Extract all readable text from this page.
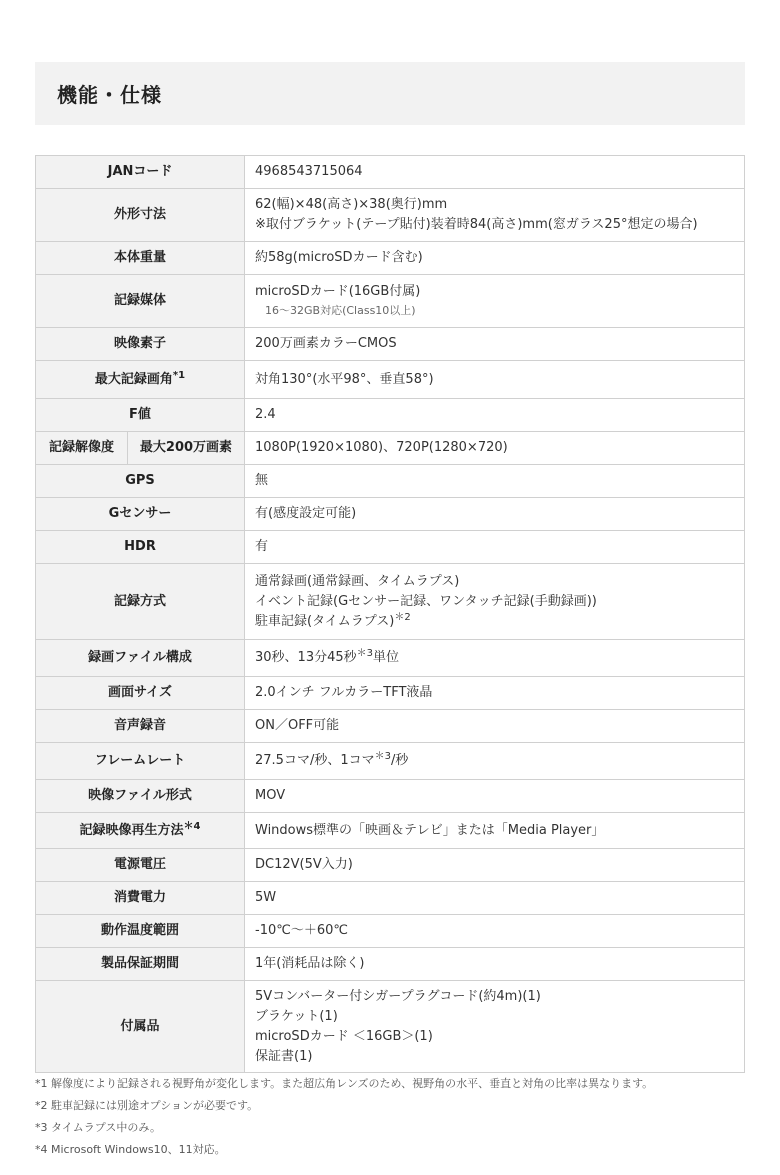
機能・仕様
JANコード		4968543715064
外形寸法		62(幅)×48(高さ)×38(奥行)mm
※取付ブラケット(テープ貼付)装着時84(高さ)mm(窓ガラス25°想定の場合)

本体重量		約58g(microSDカード含む)
記録媒体		microSDカード(16GB付属)
16～32GB対応(Class10以上)

映像素子		200万画素カラーCMOS
最大記録画角$^{*1}$		対角130°(水平98°、垂直58°)
F値		2.4
記録解像度	最大200万画素	1080P(1920×1080)、720P(1280×720)
GPS		無
Gセンサー		有(感度設定可能)
HDR		有
記録方式		通常録画(通常録画、タイムラプス)
イベント記録(Gセンサー記録、ワンタッチ記録(手動録画))
駐車記録(タイムラプス)$^{*2}$

録画ファイル構成		30秒、13分45秒$^{*3}$単位
画面サイズ		2.0インチ フルカラーTFT液晶
音声録音		ON／OFF可能
フレームレート		27.5コマ/秒、1コマ$^{*3}$/秒
映像ファイル形式		MOV
記録映像再生方法$^{*4}$		Windows標準の「映画＆テレビ」または「Media Player」
電源電圧		DC12V(5V入力)
消費電力		5W
動作温度範囲		-10℃～＋60℃
製品保証期間		1年(消耗品は除く)
付属品		5Vコンバーター付シガープラグコード(約4m)(1)
ブラケット(1)
microSDカード ＜16GB＞(1)
保証書(1)

*1 解像度により記録される視野角が変化します。また超広角レンズのため、視野角の水平、垂直と対角の比率は異なります。

*2 駐車記録には別途オプションが必要です。

*3 タイムラプス中のみ。

*4 Microsoft Windows10、11対応。
